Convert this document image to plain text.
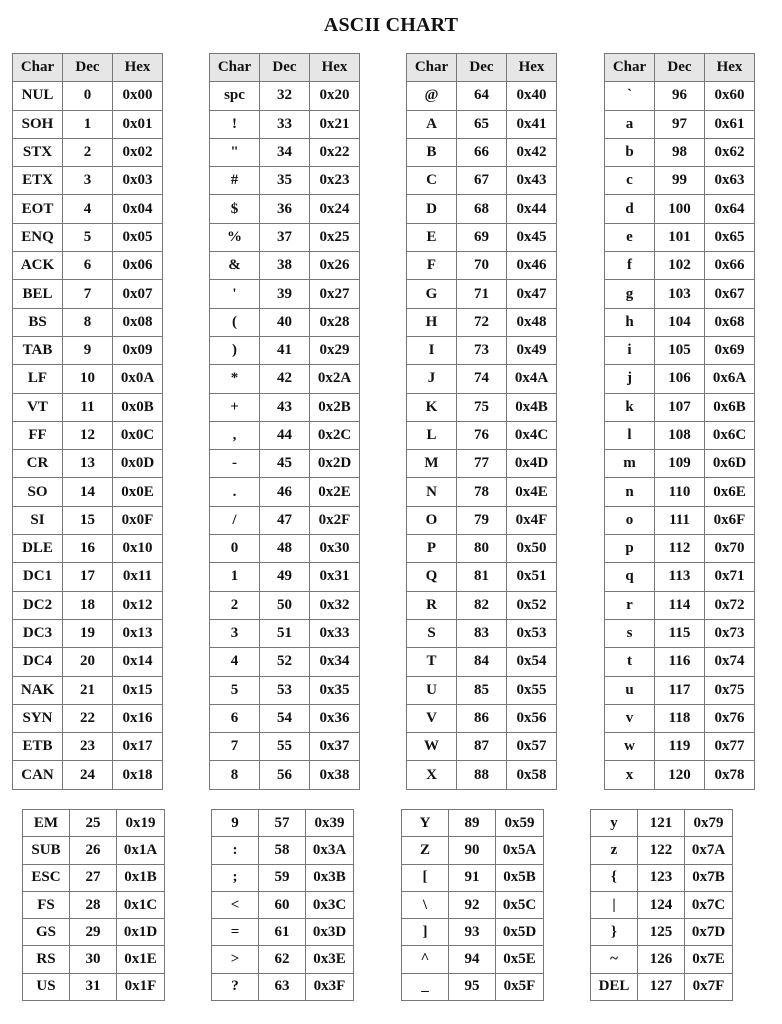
ASCII CHART
Char	Dec	Hex
NUL	0	0x00
SOH	1	0x01
STX	2	0x02
ETX	3	0x03
EOT	4	0x04
ENQ	5	0x05
ACK	6	0x06
BEL	7	0x07
BS	8	0x08
TAB	9	0x09
LF	10	0x0A
VT	11	0x0B
FF	12	0x0C
CR	13	0x0D
SO	14	0x0E
SI	15	0x0F
DLE	16	0x10
DC1	17	0x11
DC2	18	0x12
DC3	19	0x13
DC4	20	0x14
NAK	21	0x15
SYN	22	0x16
ETB	23	0x17
CAN	24	0x18
Char	Dec	Hex
spc	32	0x20
!	33	0x21
"	34	0x22
#	35	0x23
$	36	0x24
%	37	0x25
&	38	0x26
'	39	0x27
(	40	0x28
)	41	0x29
*	42	0x2A
+	43	0x2B
,	44	0x2C
-	45	0x2D
.	46	0x2E
/	47	0x2F
0	48	0x30
1	49	0x31
2	50	0x32
3	51	0x33
4	52	0x34
5	53	0x35
6	54	0x36
7	55	0x37
8	56	0x38
Char	Dec	Hex
@	64	0x40
A	65	0x41
B	66	0x42
C	67	0x43
D	68	0x44
E	69	0x45
F	70	0x46
G	71	0x47
H	72	0x48
I	73	0x49
J	74	0x4A
K	75	0x4B
L	76	0x4C
M	77	0x4D
N	78	0x4E
O	79	0x4F
P	80	0x50
Q	81	0x51
R	82	0x52
S	83	0x53
T	84	0x54
U	85	0x55
V	86	0x56
W	87	0x57
X	88	0x58
Char	Dec	Hex
`	96	0x60
a	97	0x61
b	98	0x62
c	99	0x63
d	100	0x64
e	101	0x65
f	102	0x66
g	103	0x67
h	104	0x68
i	105	0x69
j	106	0x6A
k	107	0x6B
l	108	0x6C
m	109	0x6D
n	110	0x6E
o	111	0x6F
p	112	0x70
q	113	0x71
r	114	0x72
s	115	0x73
t	116	0x74
u	117	0x75
v	118	0x76
w	119	0x77
x	120	0x78
EM	25	0x19
SUB	26	0x1A
ESC	27	0x1B
FS	28	0x1C
GS	29	0x1D
RS	30	0x1E
US	31	0x1F
9	57	0x39
:	58	0x3A
;	59	0x3B
<	60	0x3C
=	61	0x3D
>	62	0x3E
?	63	0x3F
Y	89	0x59
Z	90	0x5A
[	91	0x5B
\	92	0x5C
]	93	0x5D
^	94	0x5E
_	95	0x5F
y	121	0x79
z	122	0x7A
{	123	0x7B
|	124	0x7C
}	125	0x7D
~	126	0x7E
DEL	127	0x7F
